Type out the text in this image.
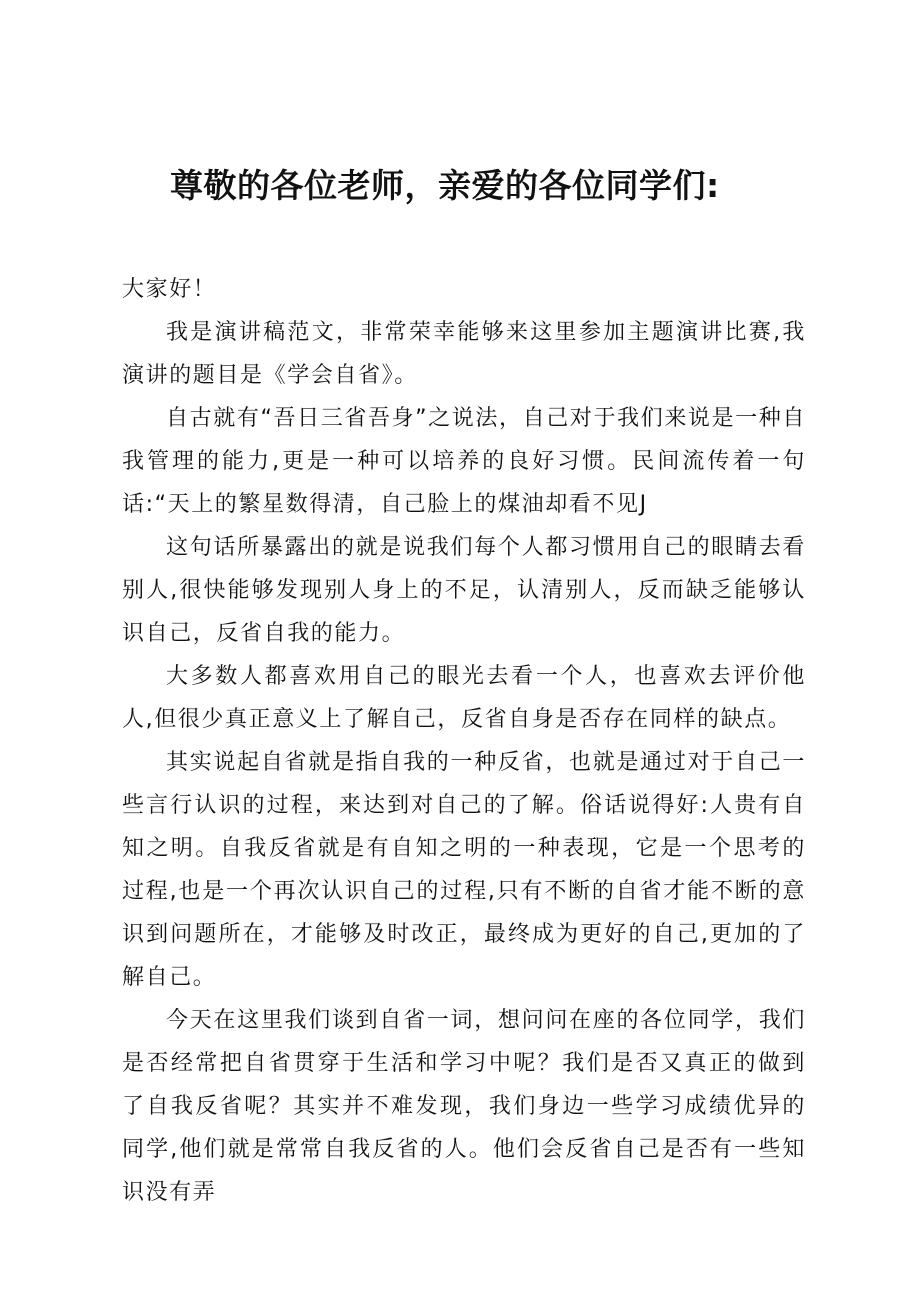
尊敬的各位老师，亲爱的各位同学们:

大家好！

我是演讲稿范文，非常荣幸能够来这里参加主题演讲比赛,我演讲的题目是《学会自省》。

自古就有“吾日三省吾身”之说法，自己对于我们来说是一种自我管理的能力,更是一种可以培养的良好习惯。民间流传着一句话:“天上的繁星数得清，自己脸上的煤油却看不见J

这句话所暴露出的就是说我们每个人都习惯用自己的眼睛去看别人,很快能够发现别人身上的不足，认清别人，反而缺乏能够认识自己，反省自我的能力。

大多数人都喜欢用自己的眼光去看一个人，也喜欢去评价他人,但很少真正意义上了解自己，反省自身是否存在同样的缺点。

其实说起自省就是指自我的一种反省，也就是通过对于自己一些言行认识的过程，来达到对自己的了解。俗话说得好:人贵有自知之明。自我反省就是有自知之明的一种表现，它是一个思考的过程,也是一个再次认识自己的过程,只有不断的自省才能不断的意识到问题所在，才能够及时改正，最终成为更好的自己,更加的了解自己。

今天在这里我们谈到自省一词，想问问在座的各位同学，我们是否经常把自省贯穿于生活和学习中呢？我们是否又真正的做到了自我反省呢？其实并不难发现，我们身边一些学习成绩优异的同学,他们就是常常自我反省的人。他们会反省自己是否有一些知识没有弄
